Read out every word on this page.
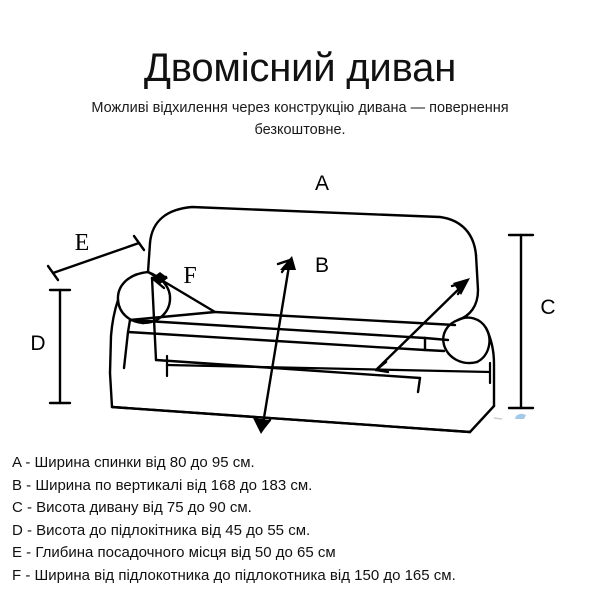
Двомісний диван
Можливі відхилення через конструкцію дивана — повернення безкоштовне.
A
B
C
D
E
F
A - Ширина спинки від 80 до 95 см.
B - Ширина по вертикалі від 168 до 183 см.
C - Висота дивану від 75 до 90 см.
D - Висота до підлокітника від 45 до 55 см.
E - Глибина посадочного місця від 50 до 65 см
F - Ширина від підлокотника до підлокотника від 150 до 165 см.
